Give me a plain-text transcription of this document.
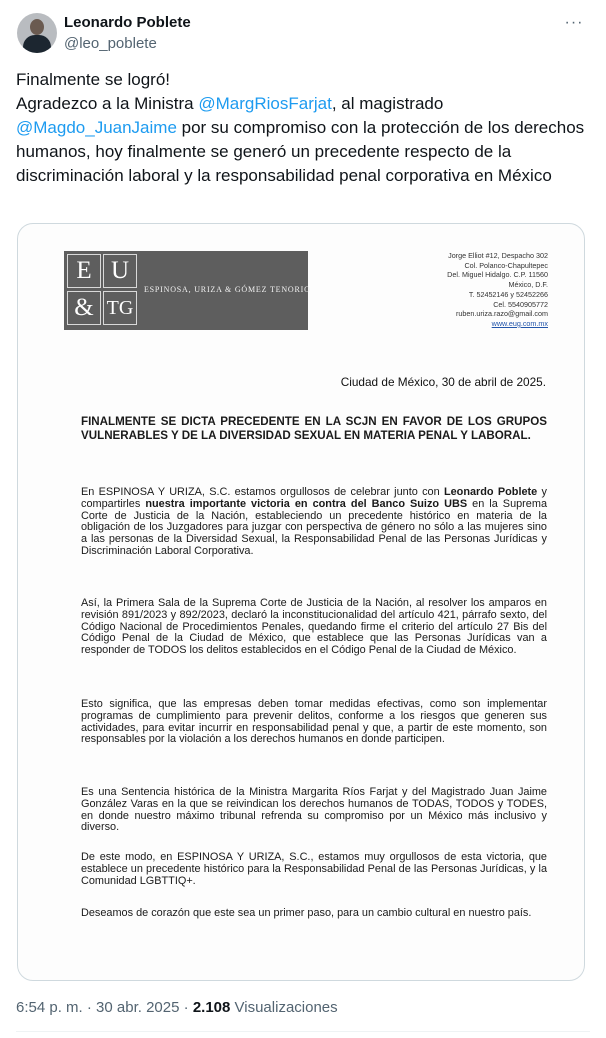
Leonardo Poblete
@leo_poblete
···

Finalmente se logró!

Agradezco a la Ministra @MargRiosFarjat, al magistrado
@Magdo_JuanJaime por su compromiso con la protección de los derechos humanos, hoy finalmente se generó un precedente respecto de la discriminación laboral y la responsabilidad penal corporativa en México

E U
& TG
ESPINOSA, URIZA & GÓMEZ TENORIO
Jorge Elliot #12, Despacho 302
Col. Polanco-Chapultepec
Del. Miguel Hidalgo. C.P. 11560
México, D.F.
T. 52452146 y 52452266
Cel. 5540905772
ruben.uriza.razo@gmail.com
www.eug.com.mx
Ciudad de México, 30 de abril de 2025.
FINALMENTE SE DICTA PRECEDENTE EN LA SCJN EN FAVOR DE LOS GRUPOS VULNERABLES Y DE LA DIVERSIDAD SEXUAL EN MATERIA PENAL Y LABORAL.

En ESPINOSA Y URIZA, S.C. estamos orgullosos de celebrar junto con Leonardo Poblete y compartirles nuestra importante victoria en contra del Banco Suizo UBS en la Suprema Corte de Justicia de la Nación, estableciendo un precedente histórico en materia de la obligación de los Juzgadores para juzgar con perspectiva de género no sólo a las mujeres sino a las personas de la Diversidad Sexual, la Responsabilidad Penal de las Personas Jurídicas y Discriminación Laboral Corporativa.

Así, la Primera Sala de la Suprema Corte de Justicia de la Nación, al resolver los amparos en revisión 891/2023 y 892/2023, declaró la inconstitucionalidad del artículo 421, párrafo sexto, del Código Nacional de Procedimientos Penales, quedando firme el criterio del artículo 27 Bis del Código Penal de la Ciudad de México, que establece que las Personas Jurídicas van a responder de TODOS los delitos establecidos en el Código Penal de la Ciudad de México.

Esto significa, que las empresas deben tomar medidas efectivas, como son implementar programas de cumplimiento para prevenir delitos, conforme a los riesgos que generen sus actividades, para evitar incurrir en responsabilidad penal y que, a partir de este momento, son responsables por la violación a los derechos humanos en donde participen.

Es una Sentencia histórica de la Ministra Margarita Ríos Farjat y del Magistrado Juan Jaime González Varas en la que se reivindican los derechos humanos de TODAS, TODOS y TODES, en donde nuestro máximo tribunal refrenda su compromiso por un México más inclusivo y diverso.

De este modo, en ESPINOSA Y URIZA, S.C., estamos muy orgullosos de esta victoria, que establece un precedente histórico para la Responsabilidad Penal de las Personas Jurídicas, y la Comunidad LGBTTIQ+.

Deseamos de corazón que este sea un primer paso, para un cambio cultural en nuestro país.

6:54 p. m. · 30 abr. 2025 · 2.108 Visualizaciones
